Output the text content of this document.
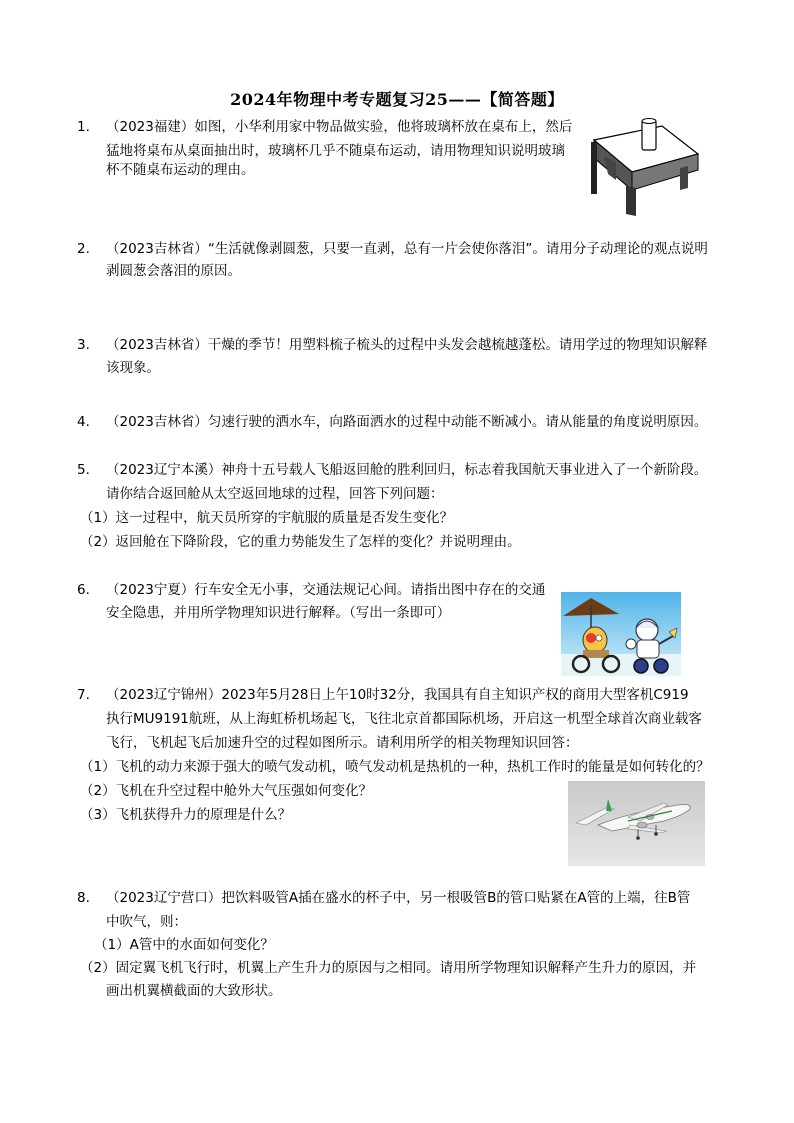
2024年物理中考专题复习25——【简答题】
1. （2023福建）如图，小华利用家中物品做实验，他将玻璃杯放在桌布上，然后
猛地将桌布从桌面抽出时，玻璃杯几乎不随桌布运动，请用物理知识说明玻璃
杯不随桌布运动的理由。
2. （2023吉林省）“生活就像剥圆葱，只要一直剥，总有一片会使你落泪”。请用分子动理论的观点说明
剥圆葱会落泪的原因。
3. （2023吉林省）干燥的季节！用塑料梳子梳头的过程中头发会越梳越蓬松。请用学过的物理知识解释
该现象。
4. （2023吉林省）匀速行驶的洒水车，向路面洒水的过程中动能不断减小。请从能量的角度说明原因。
5. （2023辽宁本溪）神舟十五号载人飞船返回舱的胜利回归，标志着我国航天事业进入了一个新阶段。
请你结合返回舱从太空返回地球的过程，回答下列问题：
（1）这一过程中，航天员所穿的宇航服的质量是否发生变化？
（2）返回舱在下降阶段，它的重力势能发生了怎样的变化？并说明理由。
6. （2023宁夏）行车安全无小事，交通法规记心间。请指出图中存在的交通
安全隐患，并用所学物理知识进行解释。（写出一条即可）
7. （2023辽宁锦州）2023年5月28日上午10时32分，我国具有自主知识产权的商用大型客机C919
执行MU9191航班，从上海虹桥机场起飞，飞往北京首都国际机场，开启这一机型全球首次商业载客
飞行，飞机起飞后加速升空的过程如图所示。请利用所学的相关物理知识回答：
（1）飞机的动力来源于强大的喷气发动机，喷气发动机是热机的一种，热机工作时的能量是如何转化的？
（2）飞机在升空过程中舱外大气压强如何变化？
（3）飞机获得升力的原理是什么？
8. （2023辽宁营口）把饮料吸管A插在盛水的杯子中，另一根吸管B的管口贴紧在A管的上端，往B管
中吹气，则：
（1）A管中的水面如何变化？
（2）固定翼飞机飞行时，机翼上产生升力的原因与之相同。请用所学物理知识解释产生升力的原因，并
画出机翼横截面的大致形状。
